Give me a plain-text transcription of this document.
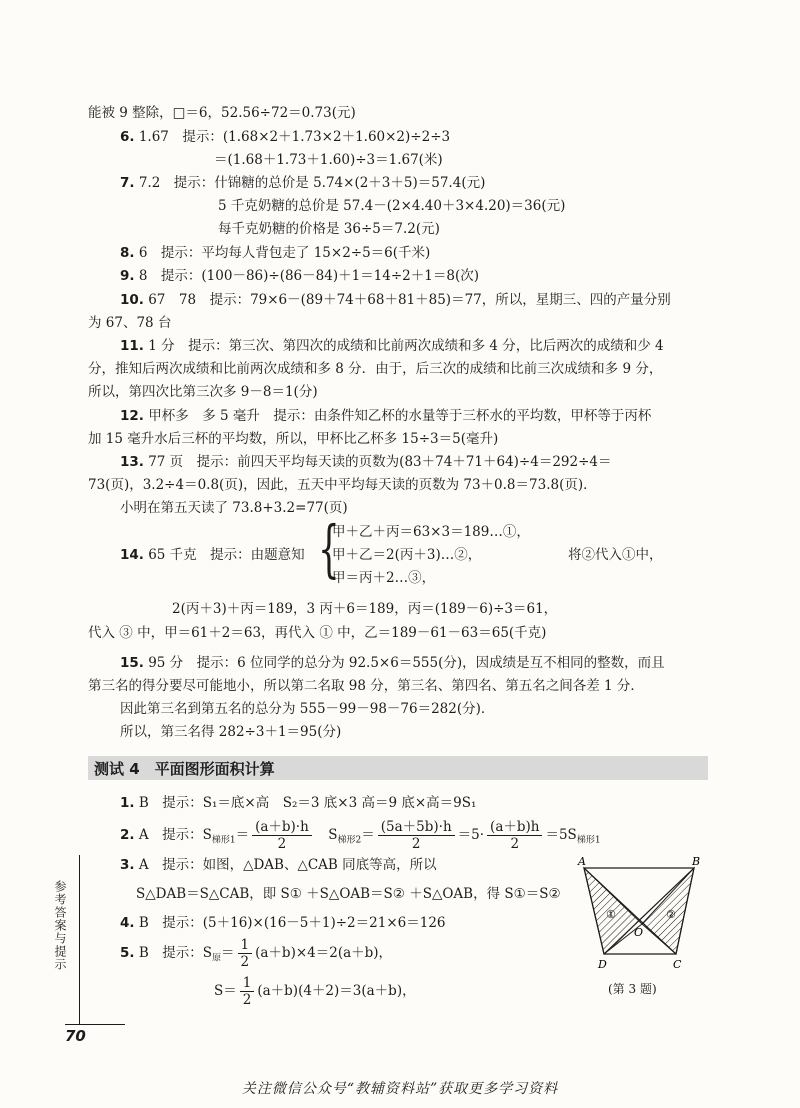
能被 9 整除，□＝6，52.56÷72＝0.73(元)
6. 1.67　提示：(1.68×2＋1.73×2＋1.60×2)÷2÷3
＝(1.68＋1.73＋1.60)÷3＝1.67(米)
7. 7.2　提示：什锦糖的总价是 5.74×(2＋3＋5)＝57.4(元)
5 千克奶糖的总价是 57.4－(2×4.40＋3×4.20)＝36(元)
每千克奶糖的价格是 36÷5＝7.2(元)
8. 6　提示：平均每人背包走了 15×2÷5＝6(千米)
9. 8　提示：(100－86)÷(86－84)＋1＝14÷2＋1＝8(次)
10. 67　78　提示：79×6－(89＋74＋68＋81＋85)＝77，所以，星期三、四的产量分别
为 67、78 台
11. 1 分　提示：第三次、第四次的成绩和比前两次成绩和多 4 分，比后两次的成绩和少 4
分，推知后两次成绩和比前两次成绩和多 8 分．由于，后三次的成绩和比前三次成绩和多 9 分，
所以，第四次比第三次多 9－8＝1(分)
12. 甲杯多　多 5 毫升　提示：由条件知乙杯的水量等于三杯水的平均数，甲杯等于丙杯
加 15 毫升水后三杯的平均数，所以，甲杯比乙杯多 15÷3＝5(毫升)
13. 77 页　提示：前四天平均每天读的页数为(83＋74＋71＋64)÷4＝292÷4＝
73(页)，3.2÷4＝0.8(页)，因此，五天中平均每天读的页数为 73＋0.8＝73.8(页)．
小明在第五天读了 73.8+3.2=77(页)
14. 65 千克　提示：由题意知 {
甲＋乙＋丙＝63×3＝189…①，
甲＋乙＝2(丙＋3)…②，
甲＝丙＋2…③，
将②代入①中，
2(丙＋3)＋丙＝189，3 丙＋6＝189，丙＝(189－6)÷3＝61，
代入 ③ 中，甲＝61＋2＝63，再代入 ① 中，乙＝189－61－63＝65(千克)
15. 95 分　提示：6 位同学的总分为 92.5×6＝555(分)，因成绩是互不相同的整数，而且
第三名的得分要尽可能地小，所以第二名取 98 分，第三名、第四名、第五名之间各差 1 分．
因此第三名到第五名的总分为 555－99－98－76＝282(分)．
所以，第三名得 282÷3＋1＝95(分)
测试 4　平面图形面积计算
1. B　提示：S₁＝底×高　S₂＝3 底×3 高＝9 底×高＝9S₁
2. A　提示：$S_{梯形1}= \frac{(a+b)\cdot h}{2}$ 　$S_{梯形2}= \frac{(5a+5b)\cdot h}{2} =5\cdot \frac{(a+b)h}{2} =5S_{梯形1}$
3. A　提示：如图，△DAB、△CAB 同底等高，所以
S△DAB＝S△CAB，即 S① ＋S△OAB＝S② ＋S△OAB，得 S①＝S②
4. B　提示：(5＋16)×(16－5＋1)÷2＝21×6＝126
5. B　提示：$S_原= \frac{1}{2} (a+b)\times 4=2(a+b)$，
$S= \frac{1}{2} (a+b)(4+2)=3(a+b)$，
A	B
C
D
O
①	②
(第 3 题)
参考答案与提示
70
关注微信公众号“教辅资料站”获取更多学习资料
